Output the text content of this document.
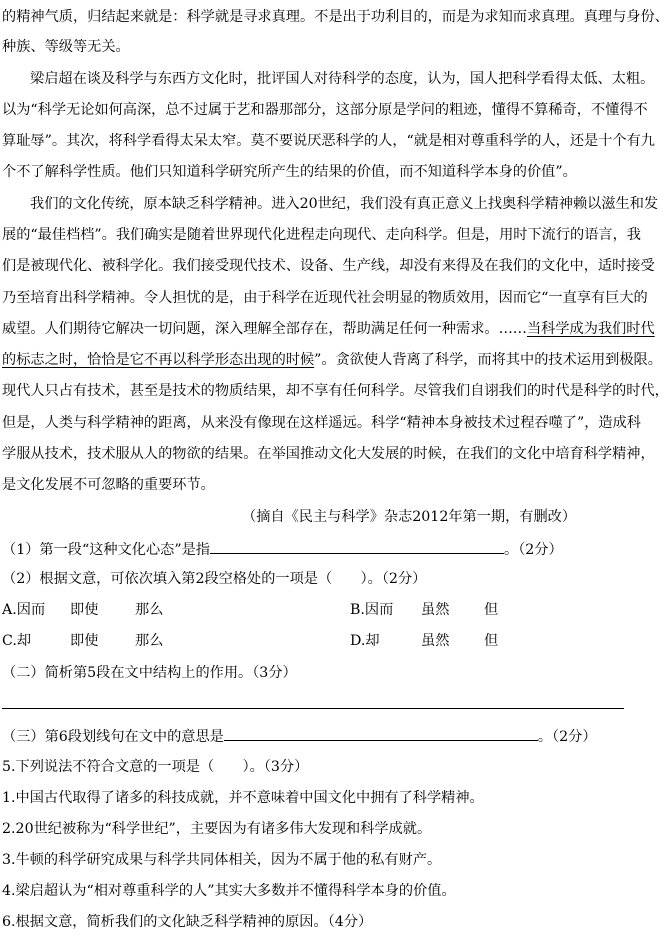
的精神气质，归结起来就是：科学就是寻求真理。不是出于功利目的，而是为求知而求真理。真理与身份、
种族、等级等无关。
梁启超在谈及科学与东西方文化时，批评国人对待科学的态度，认为，国人把科学看得太低、太粗。
以为“科学无论如何高深，总不过属于艺和器那部分，这部分原是学问的粗迹，懂得不算稀奇，不懂得不
算耻辱”。其次，将科学看得太呆太窄。莫不要说厌恶科学的人，“就是相对尊重科学的人，还是十个有九
个不了解科学性质。他们只知道科学研究所产生的结果的价值，而不知道科学本身的价值”。
我们的文化传统，原本缺乏科学精神。进入20世纪，我们没有真正意义上找奥科学精神赖以滋生和发
展的“最佳档档”。我们确实是随着世界现代化进程走向现代、走向科学。但是，用时下流行的语言，我
们是被现代化、被科学化。我们接受现代技术、设备、生产线，却没有来得及在我们的文化中，适时接受
乃至培育出科学精神。令人担忧的是，由于科学在近现代社会明显的物质效用，因而它“一直享有巨大的
威望。人们期待它解决一切问题，深入理解全部存在，帮助满足任何一种需求。…… 当科学成为我们时代
的标志之时，恰恰是它不再以科学形态出现的时候”。贪欲使人背离了科学，而将其中的技术运用到极限。
现代人只占有技术，甚至是技术的物质结果，却不享有任何科学。尽管我们自诩我们的时代是科学的时代，
但是，人类与科学精神的距离，从来没有像现在这样遥远。科学“精神本身被技术过程吞噬了”，造成科
学服从技术，技术服从人的物欲的结果。在举国推动文化大发展的时候，在我们的文化中培育科学精神，
是文化发展不可忽略的重要环节。
（摘自《民主与科学》杂志2012年第一期，有删改）
（1）第一段“这种文化心态”是指	。（2分）
（2）根据文意，可依次填入第2段空格处的一项是（　　）。（2分）
A.因而 即使	那么	B.因而 虽然 但
C.却	即使	那么	D.却	虽然 但
（二）简析第5段在文中结构上的作用。（3分）
（三）第6段划线句在文中的意思是	。（2分）
5.下列说法不符合文意的一项是（　　）。（3分）
1.中国古代取得了诸多的科技成就，并不意味着中国文化中拥有了科学精神。
2.20世纪被称为“科学世纪”，主要因为有诸多伟大发现和科学成就。
3.牛顿的科学研究成果与科学共同体相关，因为不属于他的私有财产。
4.梁启超认为“相对尊重科学的人”其实大多数并不懂得科学本身的价值。
6.根据文意，简析我们的文化缺乏科学精神的原因。（4分）
